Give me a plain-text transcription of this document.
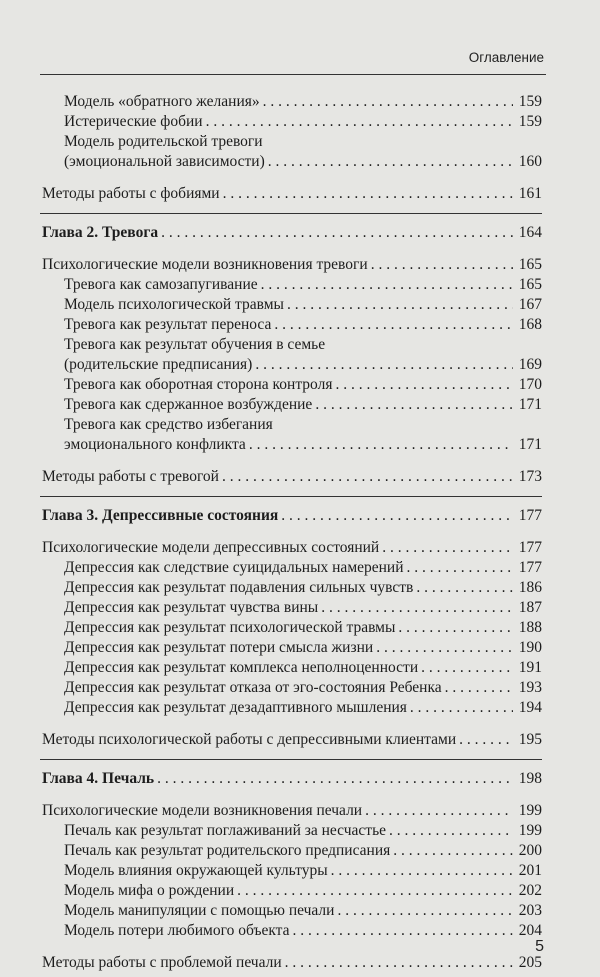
Оглавление
Модель «обратного желания» . . .	159
Истерические фобии . . .	159
Модель родительской тревоги
(эмоциональной зависимости) . . .	160
Методы работы с фобиями . . .	161
Глава 2. Тревога . . .	164
Психологические модели возникновения тревоги . . .	165
Тревога как самозапугивание . . .	165
Модель психологической травмы . . .	167
Тревога как результат переноса . . .	168
Тревога как результат обучения в семье
(родительские предписания) . . .	169
Тревога как оборотная сторона контроля . . .	170
Тревога как сдержанное возбуждение . . .	171
Тревога как средство избегания
эмоционального конфликта . . .	171
Методы работы с тревогой . . .	173
Глава 3. Депрессивные состояния . . .	177
Психологические модели депрессивных состояний . . .	177
Депрессия как следствие суицидальных намерений . . .	177
Депрессия как результат подавления сильных чувств . . .	186
Депрессия как результат чувства вины . . .	187
Депрессия как результат психологической травмы . . .	188
Депрессия как результат потери смысла жизни . . .	190
Депрессия как результат комплекса неполноценности . . .	191
Депрессия как результат отказа от эго-состояния Ребенка . . .	193
Депрессия как результат дезадаптивного мышления . . .	194
Методы психологической работы с депрессивными клиентами . . .	195
Глава 4. Печаль . . .	198
Психологические модели возникновения печали . . .	199
Печаль как результат поглаживаний за несчастье . . .	199
Печаль как результат родительского предписания . . .	200
Модель влияния окружающей культуры . . .	201
Модель мифа о рождении . . .	202
Модель манипуляции с помощью печали . . .	203
Модель потери любимого объекта . . .	204
Методы работы с проблемой печали . . .	205
5
